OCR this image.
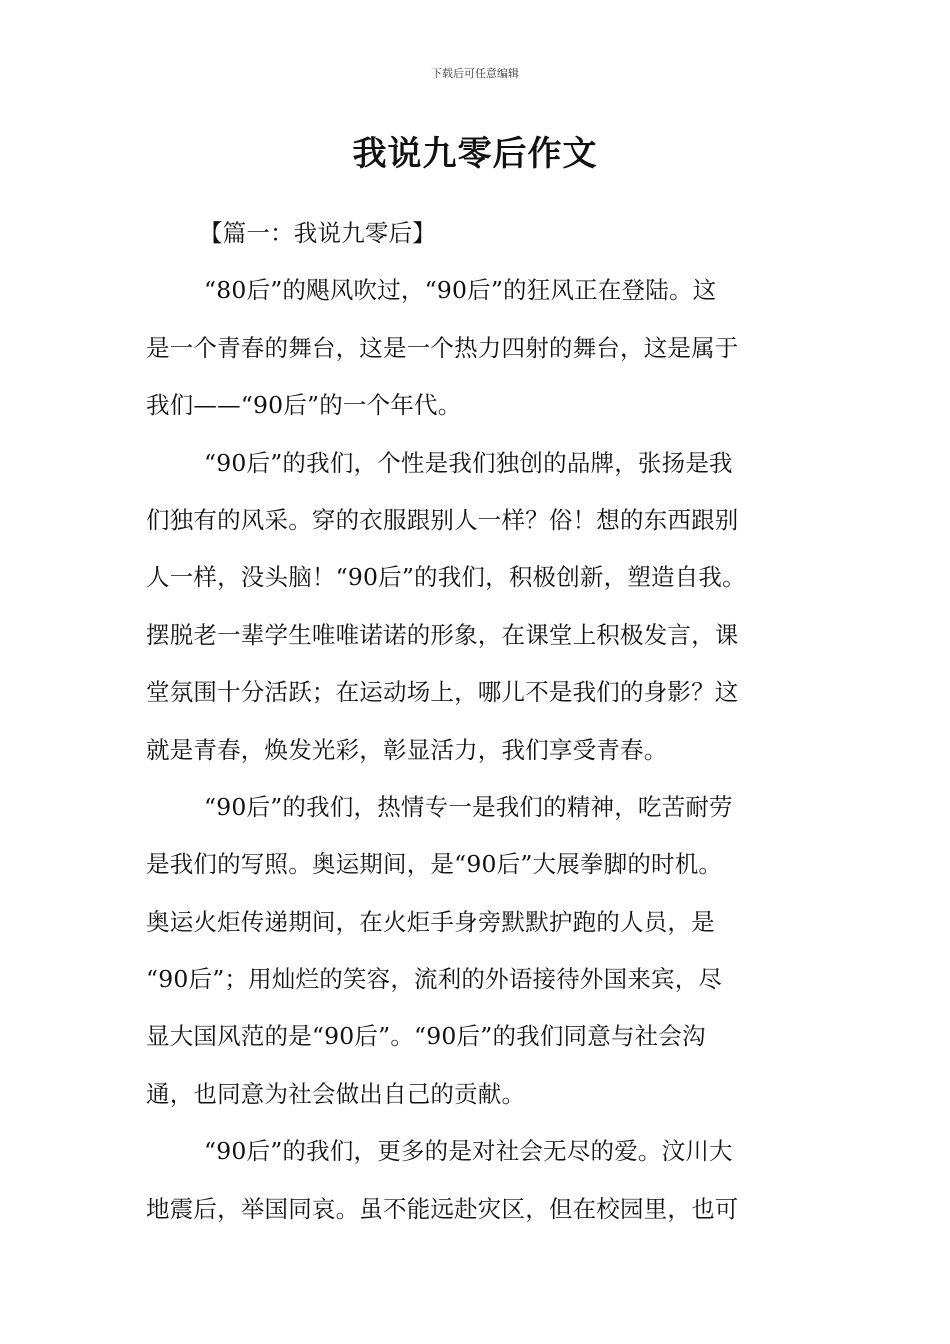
下载后可任意编辑
我说九零后作文
【篇一：我说九零后】
“80后”的飓风吹过，“90后”的狂风正在登陆。这
是一个青春的舞台，这是一个热力四射的舞台，这是属于
我们——“90后”的一个年代。
“90后”的我们，个性是我们独创的品牌，张扬是我
们独有的风采。穿的衣服跟别人一样？俗！想的东西跟别
人一样，没头脑！“90后”的我们，积极创新，塑造自我。
摆脱老一辈学生唯唯诺诺的形象，在课堂上积极发言，课
堂氛围十分活跃；在运动场上，哪儿不是我们的身影？这
就是青春，焕发光彩，彰显活力，我们享受青春。
“90后”的我们，热情专一是我们的精神，吃苦耐劳
是我们的写照。奥运期间，是“90后”大展拳脚的时机。
奥运火炬传递期间，在火炬手身旁默默护跑的人员，是
“90后”；用灿烂的笑容，流利的外语接待外国来宾，尽
显大国风范的是“90后”。“90后”的我们同意与社会沟
通，也同意为社会做出自己的贡献。
“90后”的我们，更多的是对社会无尽的爱。汶川大
地震后，举国同哀。虽不能远赴灾区，但在校园里，也可
